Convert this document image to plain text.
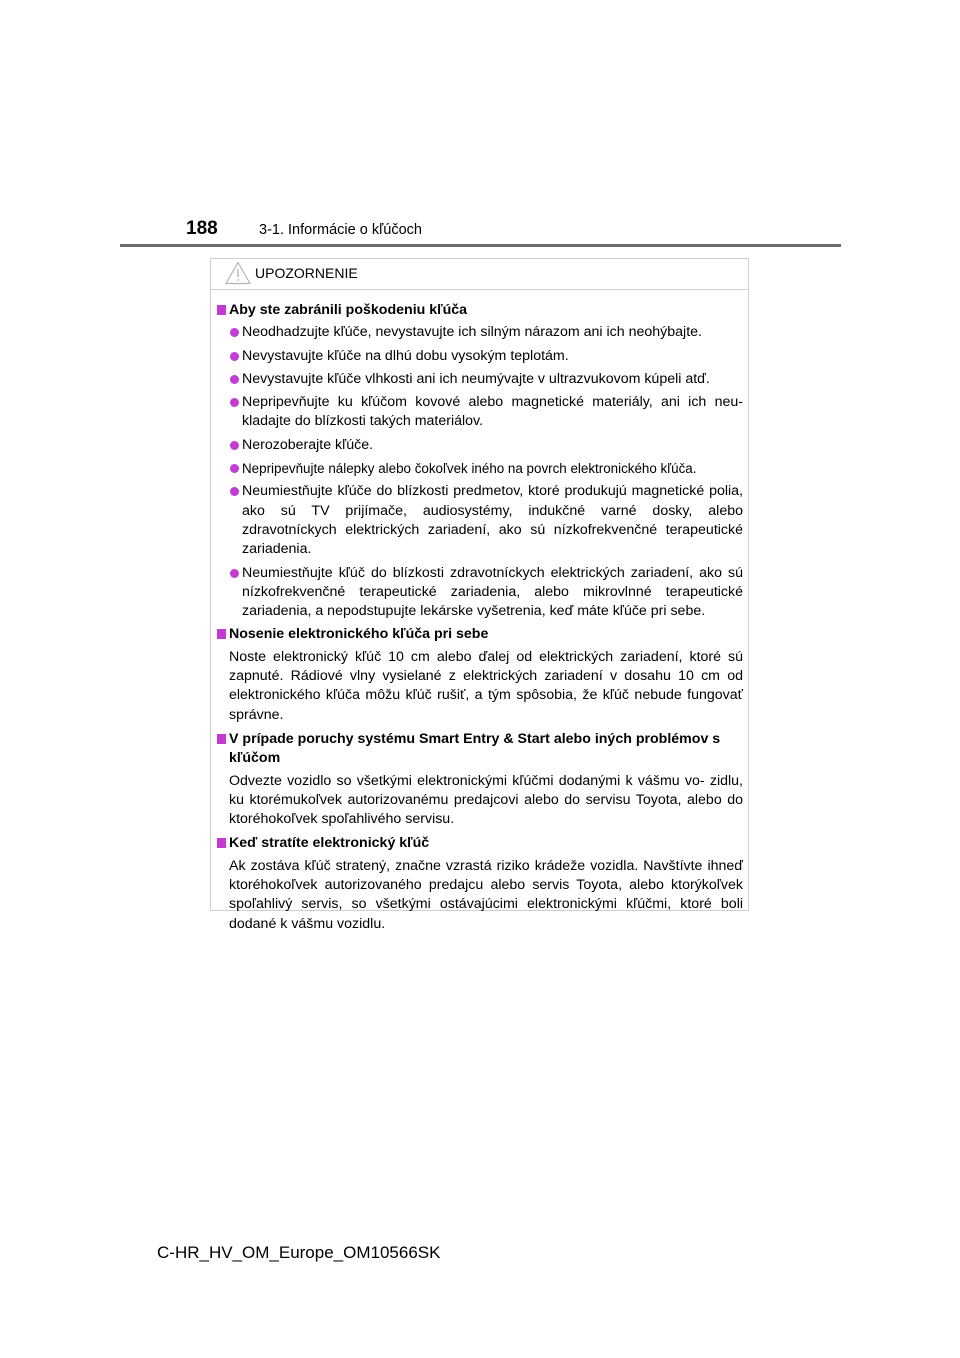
188	3-1. Informácie o kľúčoch
UPOZORNENIE
Aby ste zabránili poškodeniu kľúča
Neodhadzujte kľúče, nevystavujte ich silným nárazom ani ich neohýbajte.
Nevystavujte kľúče na dlhú dobu vysokým teplotám.
Nevystavujte kľúče vlhkosti ani ich neumývajte v ultrazvukovom kúpeli atď.
Nepripevňujte ku kľúčom kovové alebo magnetické materiály, ani ich neu- kladajte do blízkosti takých materiálov.
Nerozoberajte kľúče.
Nepripevňujte nálepky alebo čokoľvek iného na povrch elektronického kľúča.
Neumiestňujte kľúče do blízkosti predmetov, ktoré produkujú magnetické polia, ako sú TV prijímače, audiosystémy, indukčné varné dosky, alebo zdravotníckych elektrických zariadení, ako sú nízkofrekvenčné terapeutické zariadenia.
Neumiestňujte kľúč do blízkosti zdravotníckych elektrických zariadení, ako sú nízkofrekvenčné terapeutické zariadenia, alebo mikrovlnné terapeutické zariadenia, a nepodstupujte lekárske vyšetrenia, keď máte kľúče pri sebe.
Nosenie elektronického kľúča pri sebe
Noste elektronický kľúč 10 cm alebo ďalej od elektrických zariadení, ktoré sú zapnuté. Rádiové vlny vysielané z elektrických zariadení v dosahu 10 cm od elektronického kľúča môžu kľúč rušiť, a tým spôsobia, že kľúč nebude fungovať správne.
V prípade poruchy systému Smart Entry & Start alebo iných problémov s kľúčom
Odvezte vozidlo so všetkými elektronickými kľúčmi dodanými k vášmu vo- zidlu, ku ktorémukoľvek autorizovanému predajcovi alebo do servisu Toyota, alebo do ktoréhokoľvek spoľahlivého servisu.
Keď stratíte elektronický kľúč
Ak zostáva kľúč stratený, značne vzrastá riziko krádeže vozidla. Navštívte ihneď ktoréhokoľvek autorizovaného predajcu alebo servis Toyota, alebo ktorýkoľvek spoľahlivý servis, so všetkými ostávajúcimi elektronickými kľúčmi, ktoré boli dodané k vášmu vozidlu.
C-HR_HV_OM_Europe_OM10566SK
